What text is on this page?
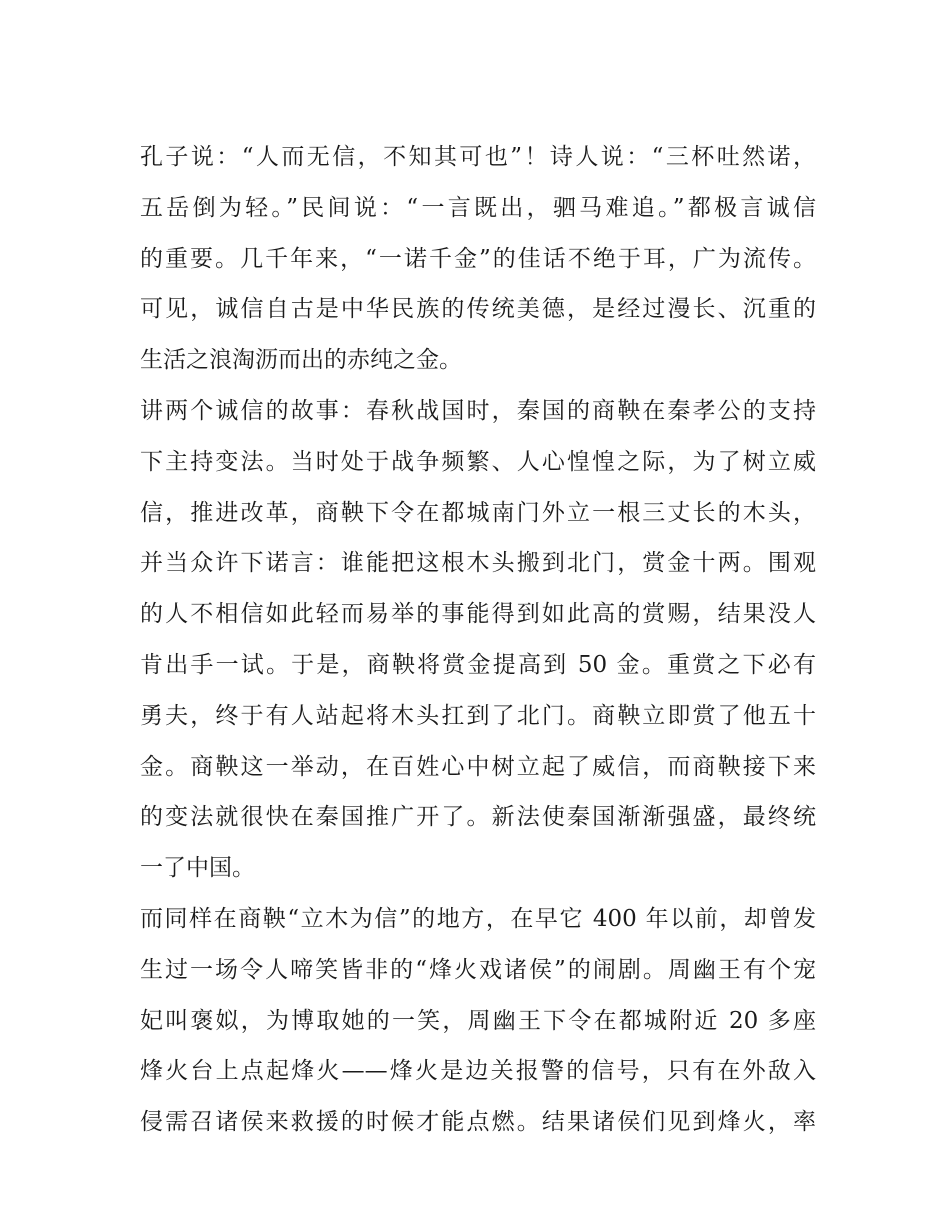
孔子说：“人而无信，不知其可也”！诗人说：“三杯吐然诺，
五岳倒为轻。”民间说：“一言既出，驷马难追。”都极言诚信
的重要。几千年来，“一诺千金”的佳话不绝于耳，广为流传。
可见，诚信自古是中华民族的传统美德，是经过漫长、沉重的
生活之浪淘沥而出的赤纯之金。
讲两个诚信的故事：春秋战国时，秦国的商鞅在秦孝公的支持
下主持变法。当时处于战争频繁、人心惶惶之际，为了树立威
信，推进改革，商鞅下令在都城南门外立一根三丈长的木头，
并当众许下诺言：谁能把这根木头搬到北门，赏金十两。围观
的人不相信如此轻而易举的事能得到如此高的赏赐，结果没人
肯出手一试。于是，商鞅将赏金提高到 50 金。重赏之下必有
勇夫，终于有人站起将木头扛到了北门。商鞅立即赏了他五十
金。商鞅这一举动，在百姓心中树立起了威信，而商鞅接下来
的变法就很快在秦国推广开了。新法使秦国渐渐强盛，最终统
一了中国。
而同样在商鞅“立木为信”的地方，在早它 400 年以前，却曾发
生过一场令人啼笑皆非的“烽火戏诸侯”的闹剧。周幽王有个宠
妃叫褒姒，为博取她的一笑，周幽王下令在都城附近 20 多座
烽火台上点起烽火——烽火是边关报警的信号，只有在外敌入
侵需召诸侯来救援的时候才能点燃。结果诸侯们见到烽火，率
